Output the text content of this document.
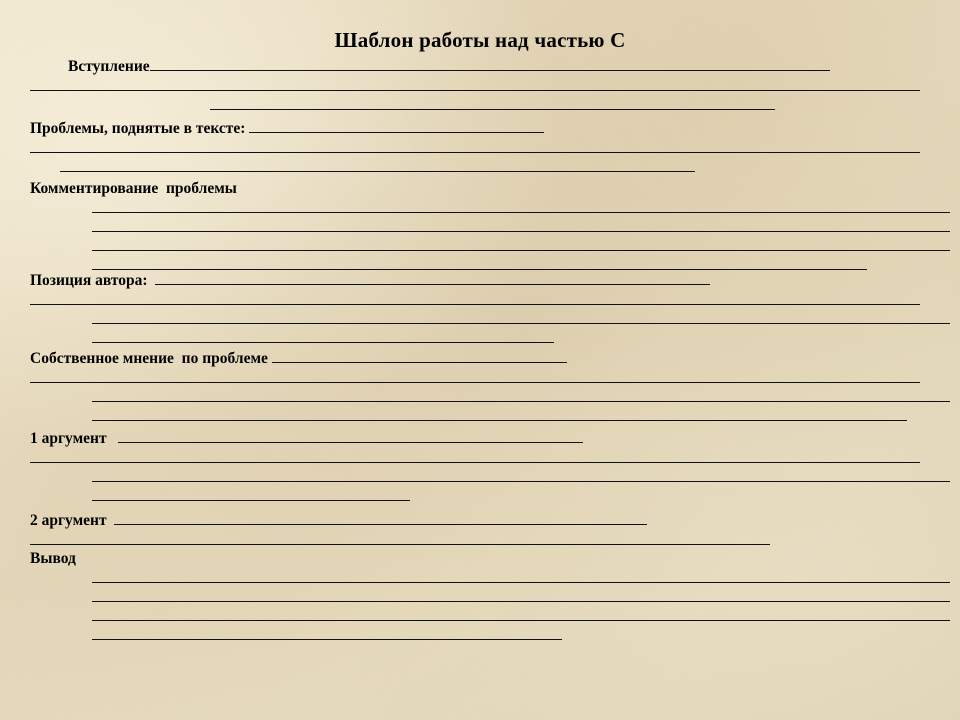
Шаблон работы над частью С
Вступление
Проблемы, поднятые в тексте:
Комментирование  проблемы
Позиция автора:
Собственное мнение  по проблеме
1 аргумент
2 аргумент
Вывод
